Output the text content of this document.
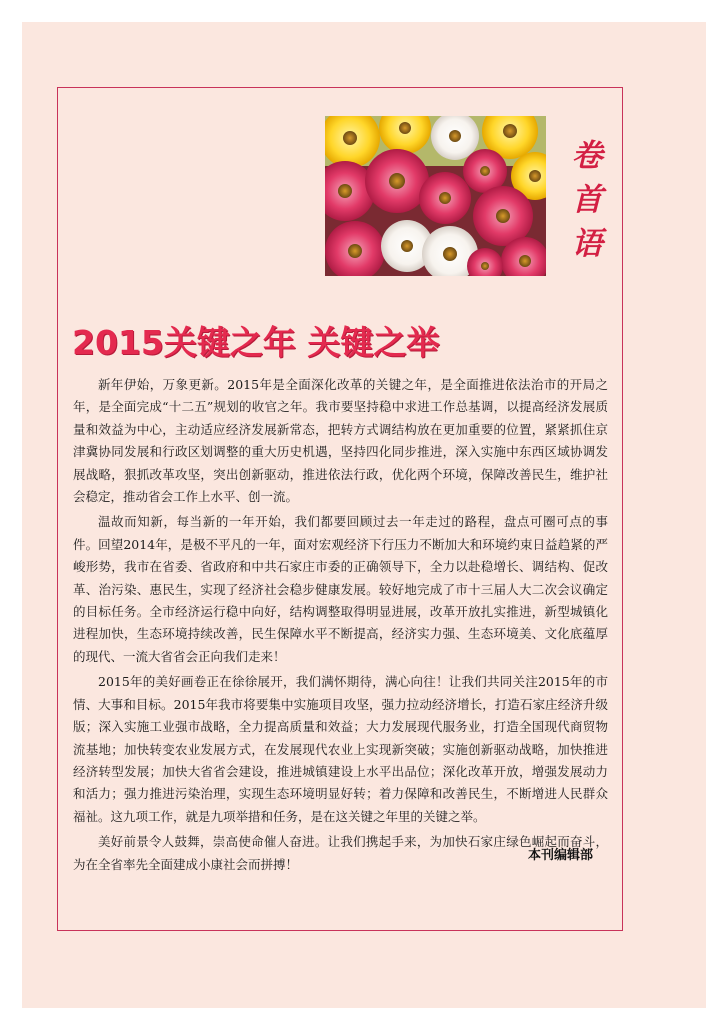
卷
首
语
2015关键之年 关键之举

新年伊始，万象更新。2015年是全面深化改革的关键之年，是全面推进依法治市的开局之年，是全面完成“十二五”规划的收官之年。我市要坚持稳中求进工作总基调，以提高经济发展质量和效益为中心，主动适应经济发展新常态，把转方式调结构放在更加重要的位置，紧紧抓住京津冀协同发展和行政区划调整的重大历史机遇，坚持四化同步推进，深入实施中东西区域协调发展战略，狠抓改革攻坚，突出创新驱动，推进依法行政，优化两个环境，保障改善民生，维护社会稳定，推动省会工作上水平、创一流。

温故而知新，每当新的一年开始，我们都要回顾过去一年走过的路程，盘点可圈可点的事件。回望2014年，是极不平凡的一年，面对宏观经济下行压力不断加大和环境约束日益趋紧的严峻形势，我市在省委、省政府和中共石家庄市委的正确领导下，全力以赴稳增长、调结构、促改革、治污染、惠民生，实现了经济社会稳步健康发展。较好地完成了市十三届人大二次会议确定的目标任务。全市经济运行稳中向好，结构调整取得明显进展，改革开放扎实推进，新型城镇化进程加快，生态环境持续改善，民生保障水平不断提高，经济实力强、生态环境美、文化底蕴厚的现代、一流大省省会正向我们走来！

2015年的美好画卷正在徐徐展开，我们满怀期待，满心向往！让我们共同关注2015年的市情、大事和目标。2015年我市将要集中实施项目攻坚，强力拉动经济增长，打造石家庄经济升级版；深入实施工业强市战略，全力提高质量和效益；大力发展现代服务业，打造全国现代商贸物流基地；加快转变农业发展方式，在发展现代农业上实现新突破；实施创新驱动战略，加快推进经济转型发展；加快大省省会建设，推进城镇建设上水平出品位；深化改革开放，增强发展动力和活力；强力推进污染治理，实现生态环境明显好转；着力保障和改善民生，不断增进人民群众福祉。这九项工作，就是九项举措和任务，是在这关键之年里的关键之举。

美好前景令人鼓舞，崇高使命催人奋进。让我们携起手来，为加快石家庄绿色崛起而奋斗，为在全省率先全面建成小康社会而拼搏！

本刊编辑部
